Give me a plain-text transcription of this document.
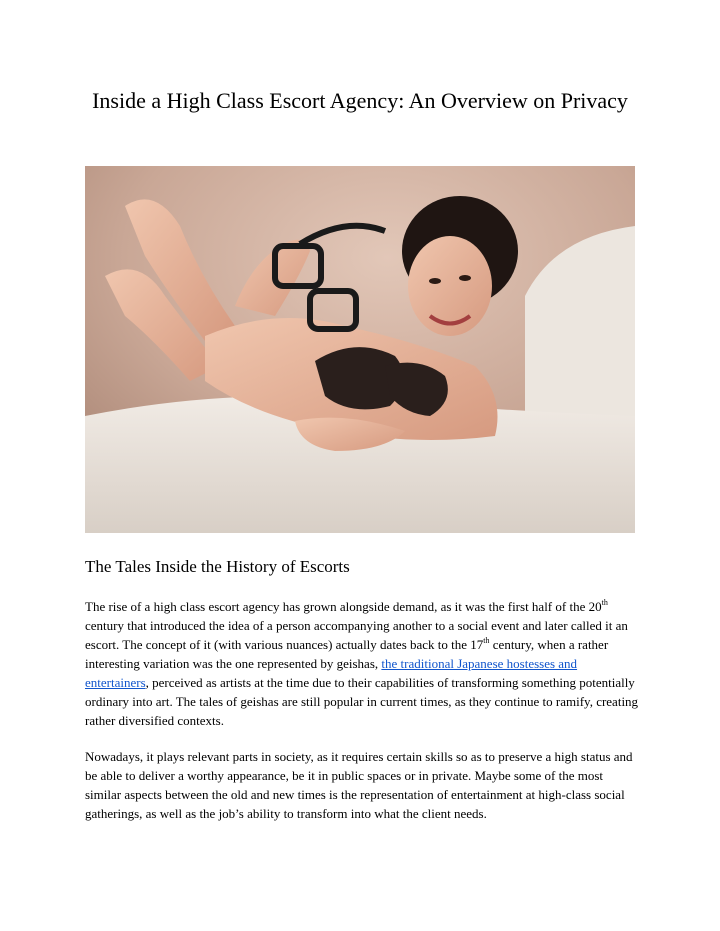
Inside a High Class Escort Agency: An Overview on Privacy
The Tales Inside the History of Escorts

The rise of a high class escort agency has grown alongside demand, as it was the first half of the 20th century that introduced the idea of a person accompanying another to a social event and later called it an escort. The concept of it (with various nuances) actually dates back to the 17th century, when a rather interesting variation was the one represented by geishas, the traditional Japanese hostesses and entertainers, perceived as artists at the time due to their capabilities of transforming something potentially ordinary into art. The tales of geishas are still popular in current times, as they continue to ramify, creating rather diversified contexts.

Nowadays, it plays relevant parts in society, as it requires certain skills so as to preserve a high status and be able to deliver a worthy appearance, be it in public spaces or in private. Maybe some of the most similar aspects between the old and new times is the representation of entertainment at high-class social gatherings, as well as the job’s ability to transform into what the client needs.
